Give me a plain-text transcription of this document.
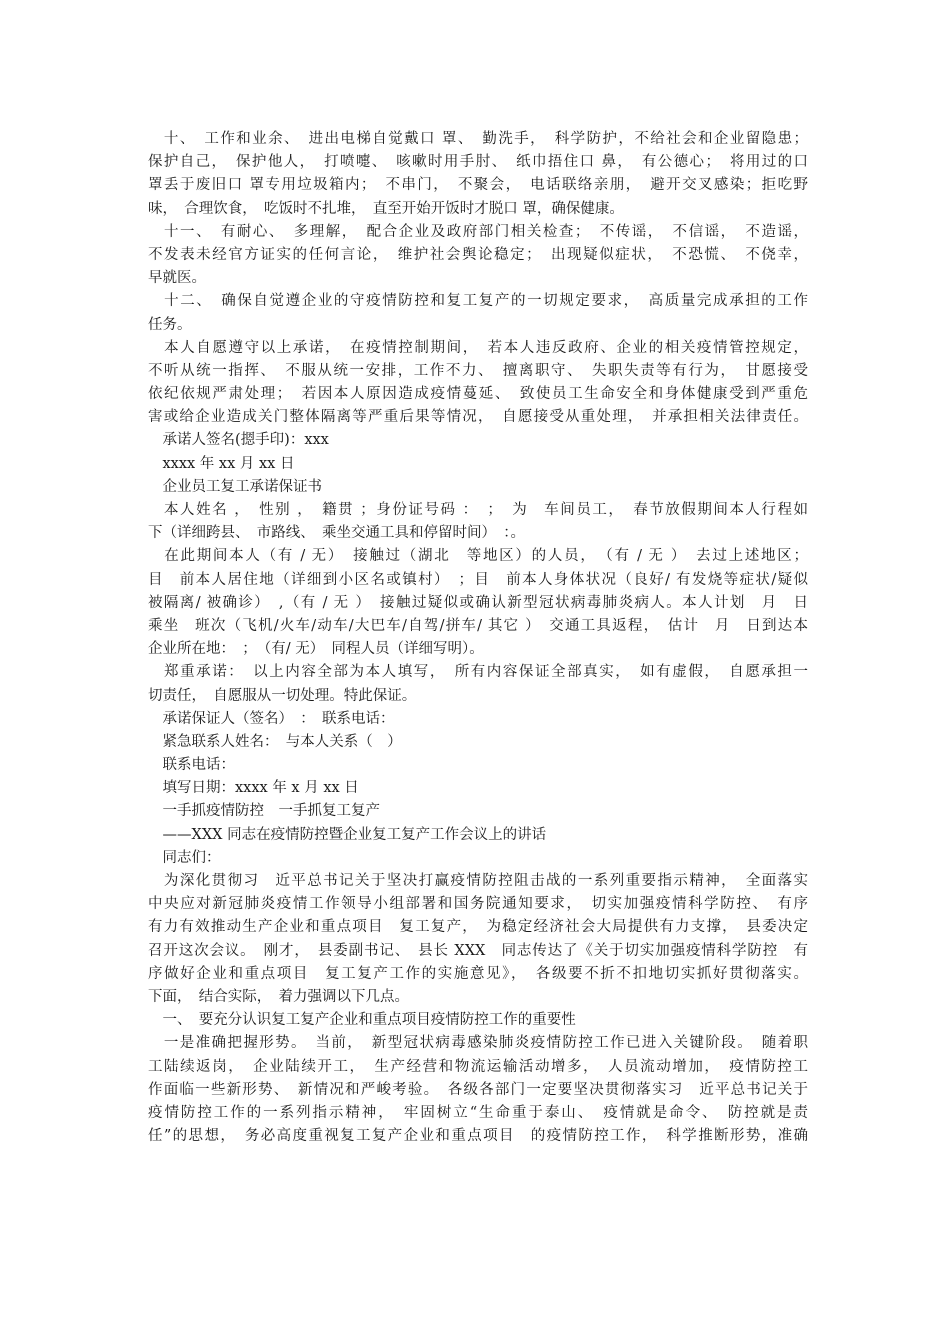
　十、　工作和业余、　进出电梯自觉戴口 罩、　勤洗手，　科学防护，不给社会和企业留隐患；
保护自己，　保护他人，　打喷嚏、　咳嗽时用手肘、　纸巾捂住口 鼻，　有公德心；　将用过的口
罩丢于废旧口 罩专用垃圾箱内；　不串门，　不聚会，　电话联络亲朋，　避开交叉感染；拒吃野
味，　合理饮食，　吃饭时不扎堆，　直至开始开饭时才脱口 罩，确保健康。
　十一、　有耐心、　多理解，　配合企业及政府部门相关检查；　不传谣，　不信谣，　不造谣，
不发表未经官方证实的任何言论，　维护社会舆论稳定；　出现疑似症状，　不恐慌、　不侥幸，
早就医。
　十二、　确保自觉遵企业的守疫情防控和复工复产的一切规定要求，　高质量完成承担的工作
任务。
　本人自愿遵守以上承诺，　在疫情控制期间，　若本人违反政府、企业的相关疫情管控规定，
不听从统一指挥、　不服从统一安排，工作不力、　擅离职守、　失职失责等有行为，　甘愿接受
依纪依规严肃处理；　若因本人原因造成疫情蔓延、　致使员工生命安全和身体健康受到严重危
害或给企业造成关门整体隔离等严重后果等情况，　自愿接受从重处理，　并承担相关法律责任。
　承诺人签名(摁手印)：xxx
　xxxx 年 xx 月 xx 日
　企业员工复工承诺保证书
　本人姓名 ，　性别 ，　籍贯 ；身份证号码 ：　；　为　车间员工，　春节放假期间本人行程如
下（详细跨县、　市路线、　乘坐交通工具和停留时间）　：。
　在此期间本人（有 / 无）　接触过（湖北　等地区）的人员，　（有 / 无 ）　去过上述地区；
目　前本人居住地（详细到小区名或镇村）　；目　前本人身体状况（良好/ 有发烧等症状/疑似
被隔离/ 被确诊）　,（有 / 无 ）　接触过疑似或确认新型冠状病毒肺炎病人。本人计划　月　日
乘坐　班次（飞机/火车/动车/大巴车/自驾/拼车/ 其它 ）　交通工具返程，　估计　月　日到达本
企业所在地：　；　（有/ 无）　同程人员（详细写明）。
　郑重承诺：　以上内容全部为本人填写，　所有内容保证全部真实，　如有虚假，　自愿承担一
切责任，　自愿服从一切处理。特此保证。
　承诺保证人（签名）　：　联系电话：
　紧急联系人姓名：　与本人关系（　）
　联系电话：
　填写日期：xxxx 年 x 月 xx 日
　一手抓疫情防控　一手抓复工复产
　——XXX 同志在疫情防控暨企业复工复产工作会议上的讲话
　同志们：
　为深化贯彻习　近平总书记关于坚决打赢疫情防控阻击战的一系列重要指示精神，　全面落实
中央应对新冠肺炎疫情工作领导小组部署和国务院通知要求，　切实加强疫情科学防控、　有序
有力有效推动生产企业和重点项目　复工复产，　为稳定经济社会大局提供有力支撑，　县委决定
召开这次会议。　刚才，　县委副书记、　县长 XXX　同志传达了《关于切实加强疫情科学防控　有
序做好企业和重点项目　复工复产工作的实施意见》，　各级要不折不扣地切实抓好贯彻落实。
下面，　结合实际，　着力强调以下几点。
　一、　要充分认识复工复产企业和重点项目疫情防控工作的重要性
　一是准确把握形势。　当前，　新型冠状病毒感染肺炎疫情防控工作已进入关键阶段。　随着职
工陆续返岗，　企业陆续开工，　生产经营和物流运输活动增多，　人员流动增加，　疫情防控工
作面临一些新形势、　新情况和严峻考验。　各级各部门一定要坚决贯彻落实习　近平总书记关于
疫情防控工作的一系列指示精神，　牢固树立“生命重于泰山、　疫情就是命令、　防控就是责
任”的思想，　务必高度重视复工复产企业和重点项目　的疫情防控工作，　科学推断形势，准确
